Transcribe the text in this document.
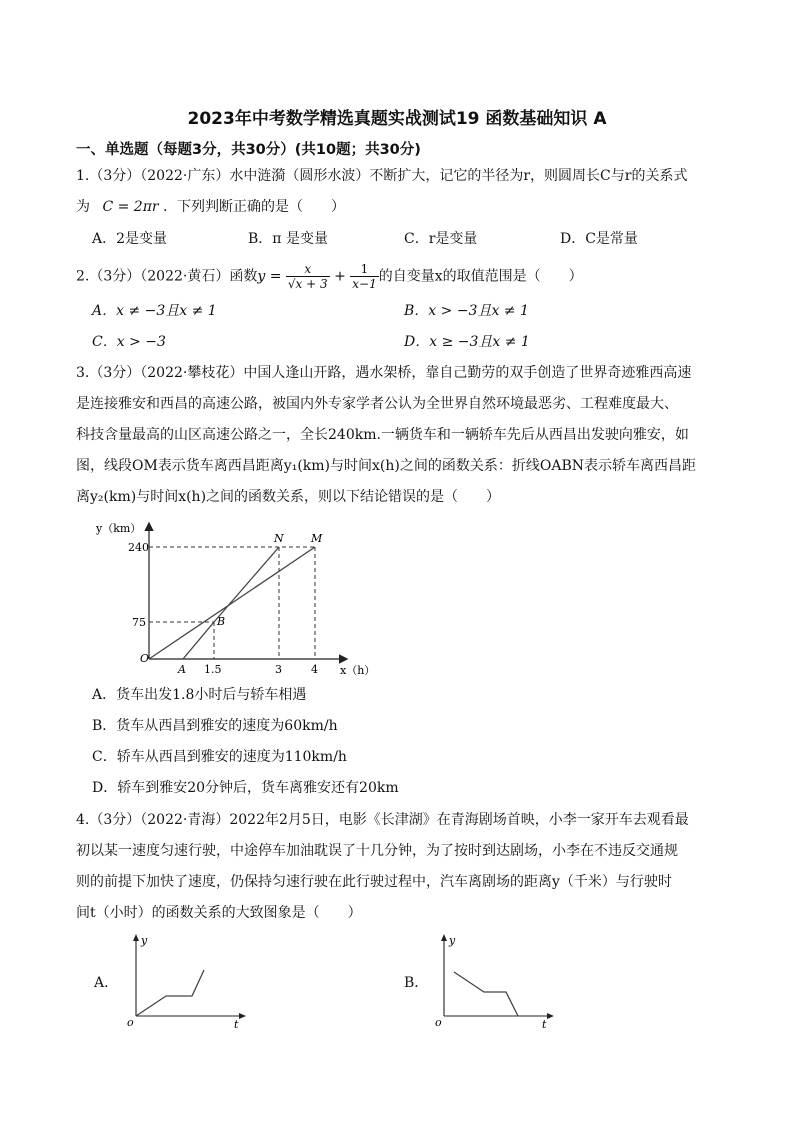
2023年中考数学精选真题实战测试19 函数基础知识 A
一、单选题（每题3分，共30分）(共10题；共30分)
1.（3分）（2022·广东）水中涟漪（圆形水波）不断扩大，记它的半径为r，则圆周长C与r的关系式
为 C = 2πr ．下列判断正确的是（　　）
A．2是变量	B．π 是变量	C．r是变量	D．C是常量
2.（3分）（2022·黄石）函数$y = \frac{x}{√x + 3} + \frac{1}{x-1}$ 的自变量x的取值范围是（　　）
A．x ≠ −3且x ≠ 1	B．x > −3且x ≠ 1
C．x > −3	D．x ≥ −3且x ≠ 1
3.（3分）（2022·攀枝花）中国人逢山开路，遇水架桥，靠自己勤劳的双手创造了世界奇迹雅西高速
是连接雅安和西昌的高速公路，被国内外专家学者公认为全世界自然环境最恶劣、工程难度最大、
科技含量最高的山区高速公路之一，全长240km.一辆货车和一辆轿车先后从西昌出发驶向雅安，如
图，线段OM表示货车离西昌距离y₁(km)与时间x(h)之间的函数关系：折线OABN表示轿车离西昌距
离y₂(km)与时间x(h)之间的函数关系，则以下结论错误的是（　　）
y（km）
240
75
O
A 1.5	3	4 x（h）
B
N M
A．货车出发1.8小时后与轿车相遇
B．货车从西昌到雅安的速度为60km/h
C．轿车从西昌到雅安的速度为110km/h
D．轿车到雅安20分钟后，货车离雅安还有20km
4.（3分）（2022·青海）2022年2月5日，电影《长津湖》在青海剧场首映，小李一家开车去观看最
初以某一速度匀速行驶，中途停车加油耽误了十几分钟，为了按时到达剧场，小李在不违反交通规
则的前提下加快了速度，仍保持匀速行驶在此行驶过程中，汽车离剧场的距离y（千米）与行驶时
间t（小时）的函数关系的大致图象是（　　）
A．
y
o	t
B．
y
o	t
